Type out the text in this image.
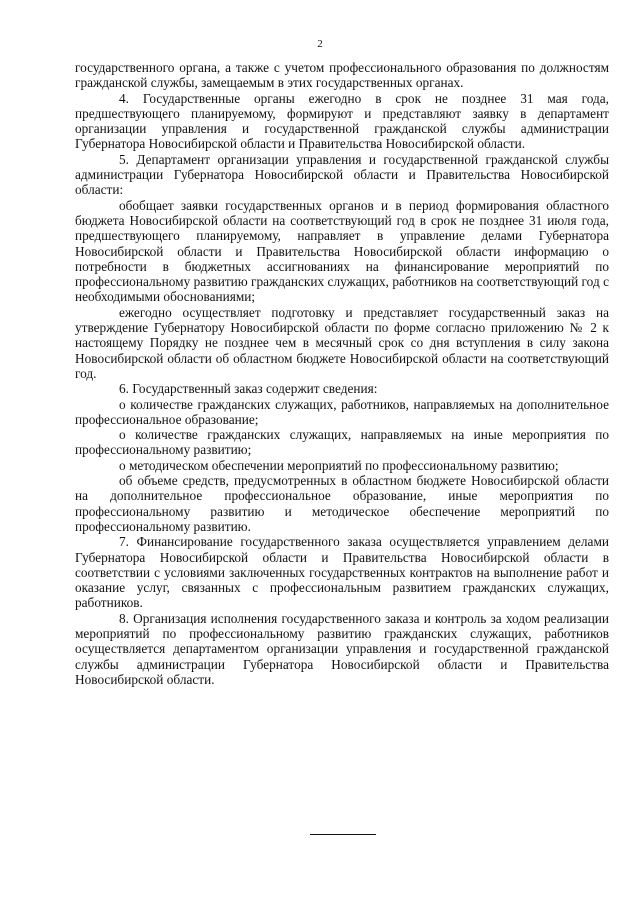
2

государственного органа, а также с учетом профессионального образования по должностям гражданской службы, замещаемым в этих государственных органах.

4. Государственные органы ежегодно в срок не позднее 31 мая года, предшествующего планируемому, формируют и представляют заявку в департамент организации управления и государственной гражданской службы администрации Губернатора Новосибирской области и Правительства Новосибирской области.

5. Департамент организации управления и государственной гражданской службы администрации Губернатора Новосибирской области и Правительства Новосибирской области:

обобщает заявки государственных органов и в период формирования областного бюджета Новосибирской области на соответствующий год в срок не позднее 31 июля года, предшествующего планируемому, направляет в управление делами Губернатора Новосибирской области и Правительства Новосибирской области информацию о потребности в бюджетных ассигнованиях на финансирование мероприятий по профессиональному развитию гражданских служащих, работников на соответствующий год с необходимыми обоснованиями;

ежегодно осуществляет подготовку и представляет государственный заказ на утверждение Губернатору Новосибирской области по форме согласно приложению № 2 к настоящему Порядку не позднее чем в месячный срок со дня вступления в силу закона Новосибирской области об областном бюджете Новосибирской области на соответствующий год.

6. Государственный заказ содержит сведения:

о количестве гражданских служащих, работников, направляемых на дополнительное профессиональное образование;

о количестве гражданских служащих, направляемых на иные мероприятия по профессиональному развитию;

о методическом обеспечении мероприятий по профессиональному развитию;

об объеме средств, предусмотренных в областном бюджете Новосибирской области на дополнительное профессиональное образование, иные мероприятия по профессиональному развитию и методическое обеспечение мероприятий по профессиональному развитию.

7. Финансирование государственного заказа осуществляется управлением делами Губернатора Новосибирской области и Правительства Новосибирской области в соответствии с условиями заключенных государственных контрактов на выполнение работ и оказание услуг, связанных с профессиональным развитием гражданских служащих, работников.

8. Организация исполнения государственного заказа и контроль за ходом реализации мероприятий по профессиональному развитию гражданских служащих, работников осуществляется департаментом организации управления и государственной гражданской службы администрации Губернатора Новосибирской области и Правительства Новосибирской области.
